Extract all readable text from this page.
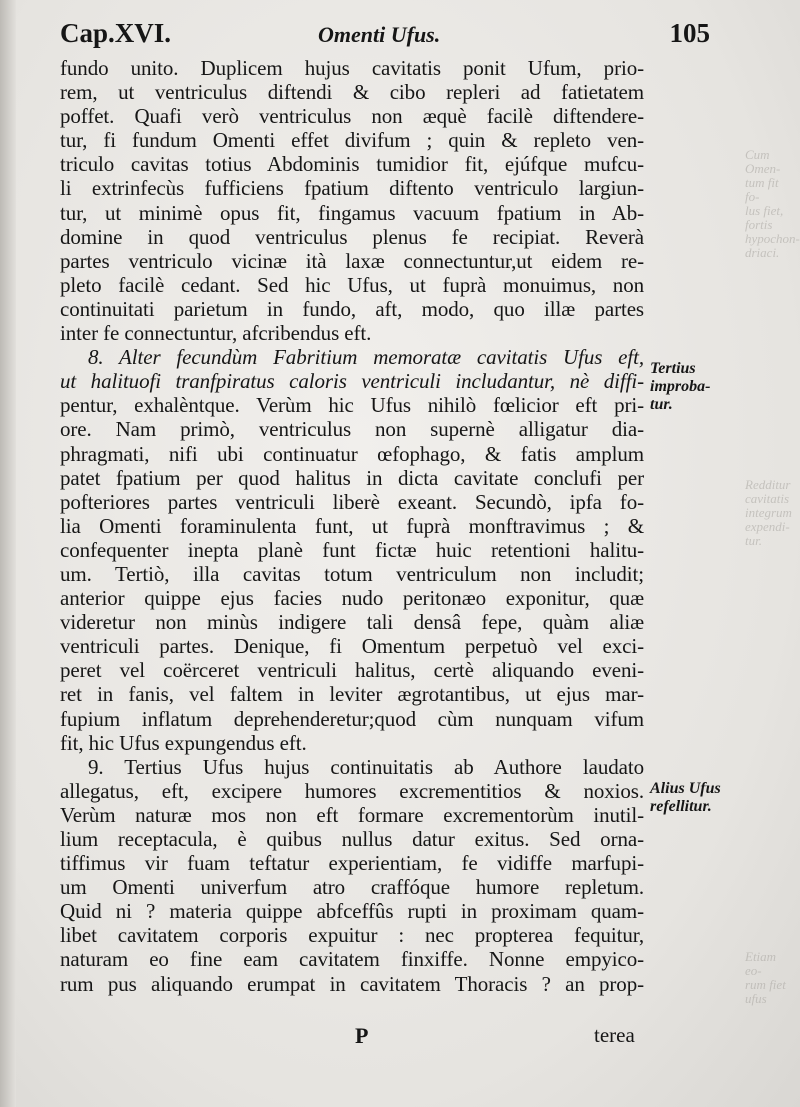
Cum Omen-
tum fit fo-
lus fiet, fortis
hypochon-
driaci.
Redditur
cavitatis
integrum
expendi-
tur.
Etiam eo-
rum fiet
ufus
Cap.XVI.	Omenti Ufus.	105
fundo unito. Duplicem hujus cavitatis ponit Ufum, prio-
rem, ut ventriculus diftendi & cibo repleri ad fatietatem
poffet. Quafi verò ventriculus non æquè facilè diftendere-
tur, fi fundum Omenti effet divifum ; quin & repleto ven-
triculo cavitas totius Abdominis tumidior fit, ejúfque mufcu-
li extrinfecùs fufficiens fpatium diftento ventriculo largiun-
tur, ut minimè opus fit, fingamus vacuum fpatium in Ab-
domine in quod ventriculus plenus fe recipiat. Reverà
partes ventriculo vicinæ ità laxæ connectuntur,ut eidem re-
pleto facilè cedant. Sed hic Ufus, ut fuprà monuimus, non
continuitati parietum in fundo, aft, modo, quo illæ partes
inter fe connectuntur, afcribendus eft.
8. Alter fecundùm Fabritium memoratæ cavitatis Ufus eft,
ut halituofi tranfpiratus caloris ventriculi includantur, nè diffi-
pentur, exhalèntque. Verùm hic Ufus nihilò fœlicior eft pri-
ore. Nam primò, ventriculus non supernè alligatur dia-
phragmati, nifi ubi continuatur œfophago, & fatis amplum
patet fpatium per quod halitus in dicta cavitate conclufi per
pofteriores partes ventriculi liberè exeant. Secundò, ipfa fo-
lia Omenti foraminulenta funt, ut fuprà monftravimus ; &
confequenter inepta planè funt fictæ huic retentioni halitu-
um. Tertiò, illa cavitas totum ventriculum non includit;
anterior quippe ejus facies nudo peritonæo exponitur, quæ
videretur non minùs indigere tali densâ fepe, quàm aliæ
ventriculi partes. Denique, fi Omentum perpetuò vel exci-
peret vel coërceret ventriculi halitus, certè aliquando eveni-
ret in fanis, vel faltem in leviter ægrotantibus, ut ejus mar-
fupium inflatum deprehenderetur;quod cùm nunquam vifum
fit, hic Ufus expungendus eft.
9. Tertius Ufus hujus continuitatis ab Authore laudato
allegatus, eft, excipere humores excrementitios & noxios.
Verùm naturæ mos non eft formare excrementorùm inutil-
lium receptacula, è quibus nullus datur exitus. Sed orna-
tiffimus vir fuam teftatur experientiam, fe vidiffe marfupi-
um Omenti univerfum atro craffóque humore repletum.
Quid ni ? materia quippe abfceffûs rupti in proximam quam-
libet cavitatem corporis expuitur : nec propterea fequitur,
naturam eo fine eam cavitatem finxiffe. Nonne empyico-
rum pus aliquando erumpat in cavitatem Thoracis ? an prop-
Tertius
improba-
tur.
Alius Ufus
refellitur.
P	terea
